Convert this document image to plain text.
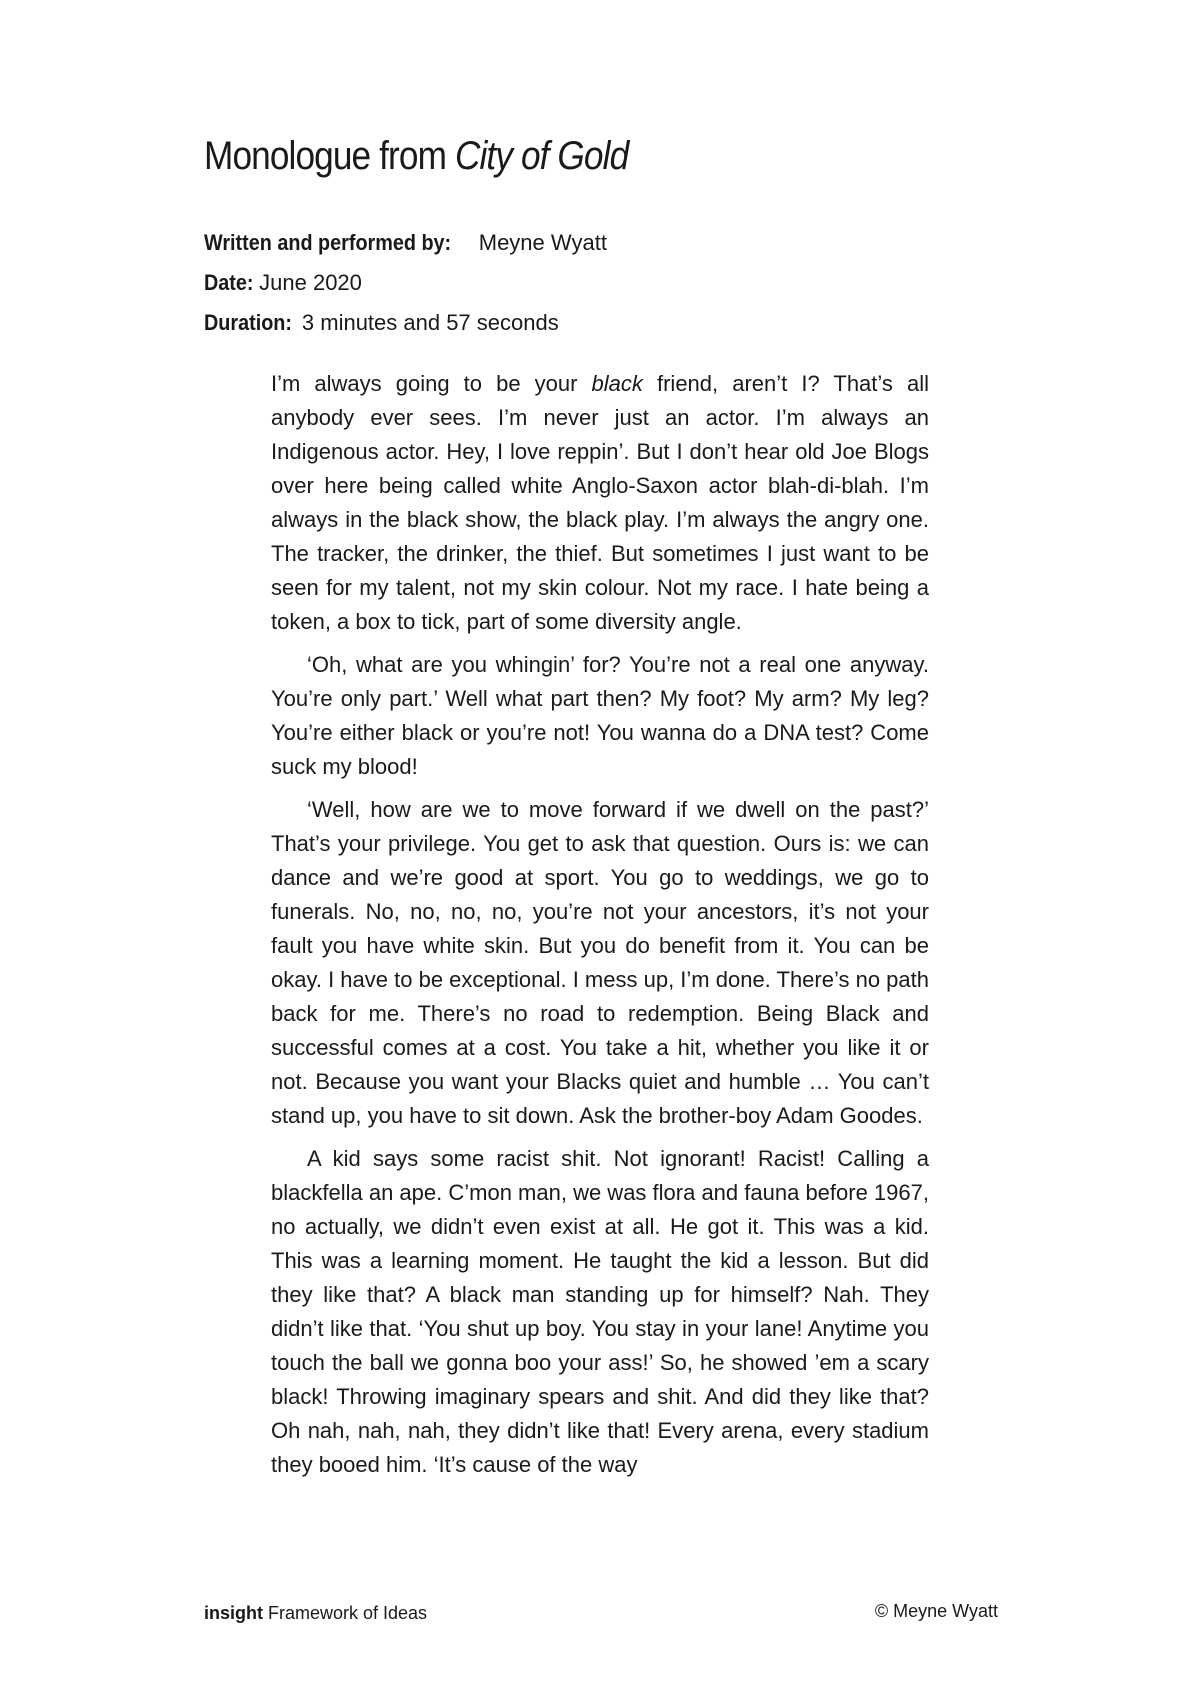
Monologue from City of Gold
Written and performed by: Meyne Wyatt
Date: June 2020
Duration: 3 minutes and 57 seconds

I’m always going to be your black friend, aren’t I? That’s all anybody ever sees. I’m never just an actor. I’m always an Indigenous actor. Hey, I love reppin’. But I don’t hear old Joe Blogs over here being called white Anglo-Saxon actor blah-di-blah. I’m always in the black show, the black play. I’m always the angry one. The tracker, the drinker, the thief. But sometimes I just want to be seen for my talent, not my skin colour. Not my race. I hate being a token, a box to tick, part of some diversity angle.

‘Oh, what are you whingin’ for? You’re not a real one anyway. You’re only part.’ Well what part then? My foot? My arm? My leg? You’re either black or you’re not! You wanna do a DNA test? Come suck my blood!

‘Well, how are we to move forward if we dwell on the past?’ That’s your privilege. You get to ask that question. Ours is: we can dance and we’re good at sport. You go to weddings, we go to funerals. No, no, no, no, you’re not your ancestors, it’s not your fault you have white skin. But you do benefit from it. You can be okay. I have to be exceptional. I mess up, I’m done. There’s no path back for me. There’s no road to redemption. Being Black and successful comes at a cost. You take a hit, whether you like it or not. Because you want your Blacks quiet and humble … You can’t stand up, you have to sit down. Ask the brother-boy Adam Goodes.

A kid says some racist shit. Not ignorant! Racist! Calling a blackfella an ape. C’mon man, we was flora and fauna before 1967, no actually, we didn’t even exist at all. He got it. This was a kid. This was a learning moment. He taught the kid a lesson. But did they like that? A black man standing up for himself? Nah. They didn’t like that. ‘You shut up boy. You stay in your lane! Anytime you touch the ball we gonna boo your ass!’ So, he showed ’em a scary black! Throwing imaginary spears and shit. And did they like that? Oh nah, nah, nah, they didn’t like that! Every arena, every stadium they booed him. ‘It’s cause of the way

insight Framework of Ideas	© Meyne Wyatt
